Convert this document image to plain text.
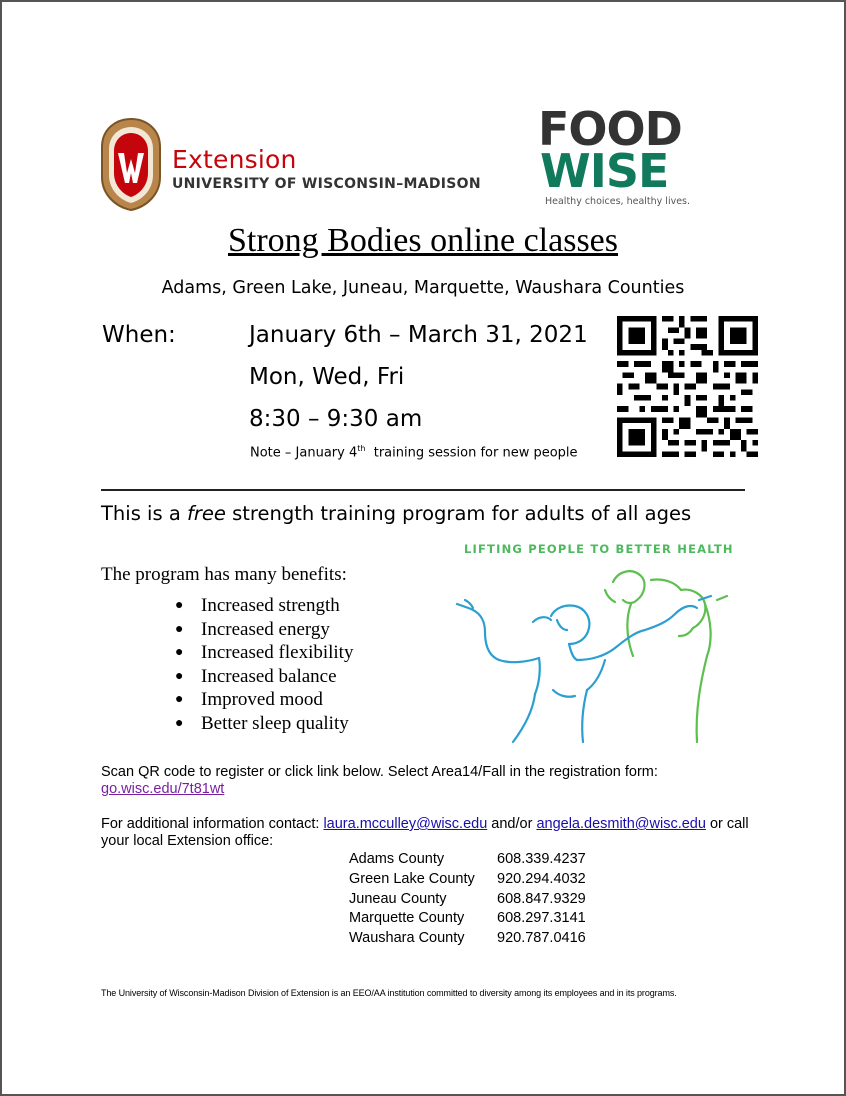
Extension
UNIVERSITY OF WISCONSIN–MADISON
FOOD
WISE
Healthy choices, healthy lives.
Strong Bodies online classes
Adams, Green Lake, Juneau, Marquette, Waushara Counties
When:	January 6th – March 31, 2021
Mon, Wed, Fri
8:30 – 9:30 am
Note – January 4th  training session for new people
This is a free strength training program for adults of all ages
LIFTING PEOPLE TO BETTER HEALTH
The program has many benefits:
● Increased strength
● Increased energy
● Increased flexibility
● Increased balance
● Improved mood
● Better sleep quality
Scan QR code to register or click link below. Select Area14/Fall in the registration form:
go.wisc.edu/7t81wt
For additional information contact: laura.mcculley@wisc.edu and/or angela.desmith@wisc.edu or call your local Extension office:
Adams County	608.339.4237
Green Lake County 920.294.4032
Juneau County	608.847.9329
Marquette County 608.297.3141
Waushara County 920.787.0416
The University of Wisconsin-Madison Division of Extension is an EEO/AA institution committed to diversity among its employees and in its programs.
